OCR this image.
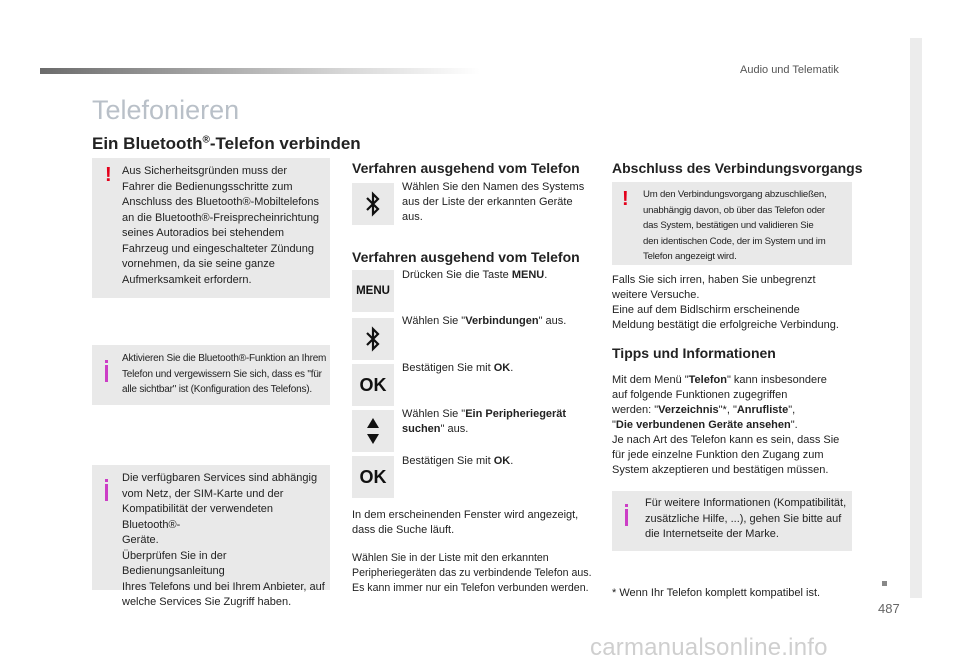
Audio und Telematik
Telefonieren
Ein Bluetooth®-Telefon verbinden
! Aus Sicherheitsgründen muss der
Fahrer die Bedienungsschritte zum
Anschluss des Bluetooth®-Mobiltelefons
an die Bluetooth®-Freisprecheinrichtung
seines Autoradios bei stehendem
Fahrzeug und eingeschalteter Zündung
vornehmen, da sie seine ganze
Aufmerksamkeit erfordern.
Aktivieren Sie die Bluetooth®-Funktion an Ihrem
Telefon und vergewissern Sie sich, dass es "für
alle sichtbar" ist (Konfiguration des Telefons).
Die verfügbaren Services sind abhängig
vom Netz, der SIM-Karte und der
Kompatibilität der verwendeten Bluetooth®-
Geräte.
Überprüfen Sie in der Bedienungsanleitung
Ihres Telefons und bei Ihrem Anbieter, auf
welche Services Sie Zugriff haben.
Verfahren ausgehend vom Telefon
Wählen Sie den Namen des Systems
aus der Liste der erkannten Geräte aus.
Verfahren ausgehend vom Telefon
MENU
Drücken Sie die Taste MENU.
Wählen Sie "Verbindungen" aus.
OK
Bestätigen Sie mit OK.
Wählen Sie "Ein Peripheriegerät
suchen" aus.
OK
Bestätigen Sie mit OK.
In dem erscheinenden Fenster wird angezeigt,
dass die Suche läuft.
Wählen Sie in der Liste mit den erkannten
Peripheriegeräten das zu verbindende Telefon aus.
Es kann immer nur ein Telefon verbunden werden.
Abschluss des Verbindungsvorgangs
! Um den Verbindungsvorgang abzuschließen,
unabhängig davon, ob über das Telefon oder
das System, bestätigen und validieren Sie
den identischen Code, der im System und im
Telefon angezeigt wird.
Falls Sie sich irren, haben Sie unbegrenzt
weitere Versuche.
Eine auf dem Bidlschirm erscheinende
Meldung bestätigt die erfolgreiche Verbindung.
Tipps und Informationen
Mit dem Menü "Telefon" kann insbesondere
auf folgende Funktionen zugegriffen
werden: "Verzeichnis"*, "Anrufliste",
"Die verbundenen Geräte ansehen".
Je nach Art des Telefon kann es sein, dass Sie
für jede einzelne Funktion den Zugang zum
System akzeptieren und bestätigen müssen.
Für weitere Informationen (Kompatibilität,
zusätzliche Hilfe, ...), gehen Sie bitte auf
die Internetseite der Marke.
* Wenn Ihr Telefon komplett kompatibel ist.
487
carmanualsonline.info
